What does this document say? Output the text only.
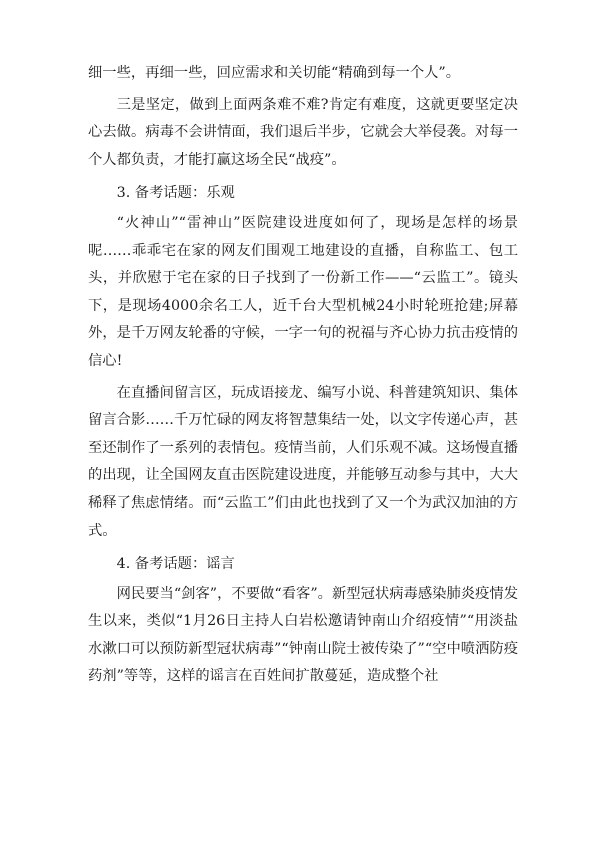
细一些，再细一些，回应需求和关切能“精确到每一个人”。

三是坚定，做到上面两条难不难?肯定有难度，这就更要坚定决心去做。病毒不会讲情面，我们退后半步，它就会大举侵袭。对每一个人都负责，才能打赢这场全民“战疫”。

3. 备考话题：乐观

“火神山”“雷神山”医院建设进度如何了，现场是怎样的场景呢……乖乖宅在家的网友们围观工地建设的直播，自称监工、包工头，并欣慰于宅在家的日子找到了一份新工作——“云监工”。镜头下，是现场4000余名工人，近千台大型机械24小时轮班抢建;屏幕外，是千万网友轮番的守候，一字一句的祝福与齐心协力抗击疫情的信心!

在直播间留言区，玩成语接龙、编写小说、科普建筑知识、集体留言合影……千万忙碌的网友将智慧集结一处，以文字传递心声，甚至还制作了一系列的表情包。疫情当前，人们乐观不减。这场慢直播的出现，让全国网友直击医院建设进度，并能够互动参与其中，大大稀释了焦虑情绪。而“云监工”们由此也找到了又一个为武汉加油的方式。

4. 备考话题：谣言

网民要当“剑客”，不要做“看客”。新型冠状病毒感染肺炎疫情发生以来，类似“1月26日主持人白岩松邀请钟南山介绍疫情”“用淡盐水漱口可以预防新型冠状病毒”“钟南山院士被传染了”“空中喷洒防疫药剂”等等，这样的谣言在百姓间扩散蔓延，造成整个社
